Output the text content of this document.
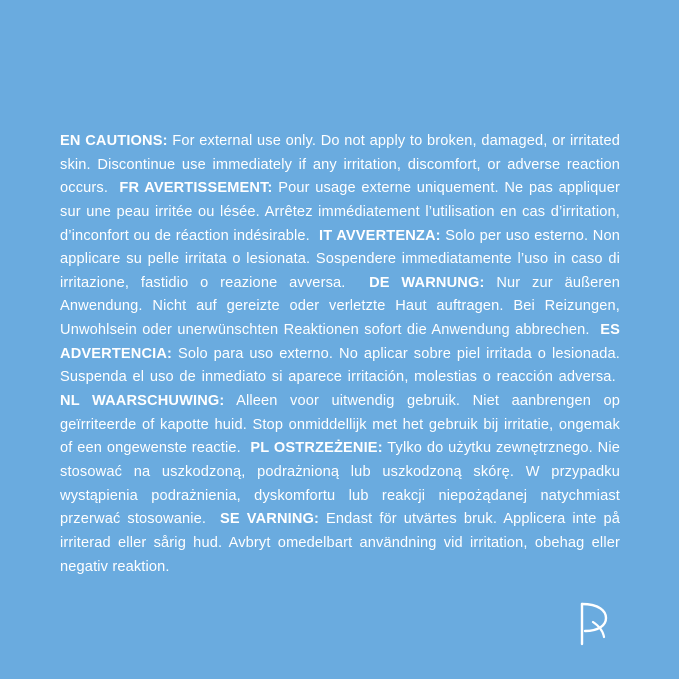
EN CAUTIONS: For external use only. Do not apply to broken, damaged, or irritated skin. Discontinue use immediately if any irritation, discomfort, or adverse reaction occurs. FR AVERTISSEMENT: Pour usage externe uniquement. Ne pas appliquer sur une peau irritée ou lésée. Arrêtez immédiatement l’utilisation en cas d’irritation, d’inconfort ou de réaction indésirable. IT AVVERTENZA: Solo per uso esterno. Non applicare su pelle irritata o lesionata. Sospendere immediatamente l’uso in caso di irritazione, fastidio o reazione avversa. DE WARNUNG: Nur zur äußeren Anwendung. Nicht auf gereizte oder verletzte Haut auftragen. Bei Reizungen, Unwohlsein oder unerwünschten Reaktionen sofort die Anwendung abbrechen. ES ADVERTENCIA: Solo para uso externo. No aplicar sobre piel irritada o lesionada. Suspenda el uso de inmediato si aparece irritación, molestias o reacción adversa.  NL WAARSCHUWING: Alleen voor uitwendig gebruik. Niet aanbrengen op geïrriteerde of kapotte huid. Stop onmiddellijk met het gebruik bij irritatie, ongemak of een ongewenste reactie. PL OSTRZEŻENIE: Tylko do użytku zewnętrznego. Nie stosować na uszkodzoną, podrażnioną lub uszkodzoną skórę. W przypadku wystąpienia podrażnienia, dyskomfortu lub reakcji niepożądanej natychmiast przerwać stosowanie. SE VARNING: Endast för utvärtes bruk. Applicera inte på irriterad eller sårig hud. Avbryt omedelbart användning vid irritation, obehag eller negativ reaktion.
